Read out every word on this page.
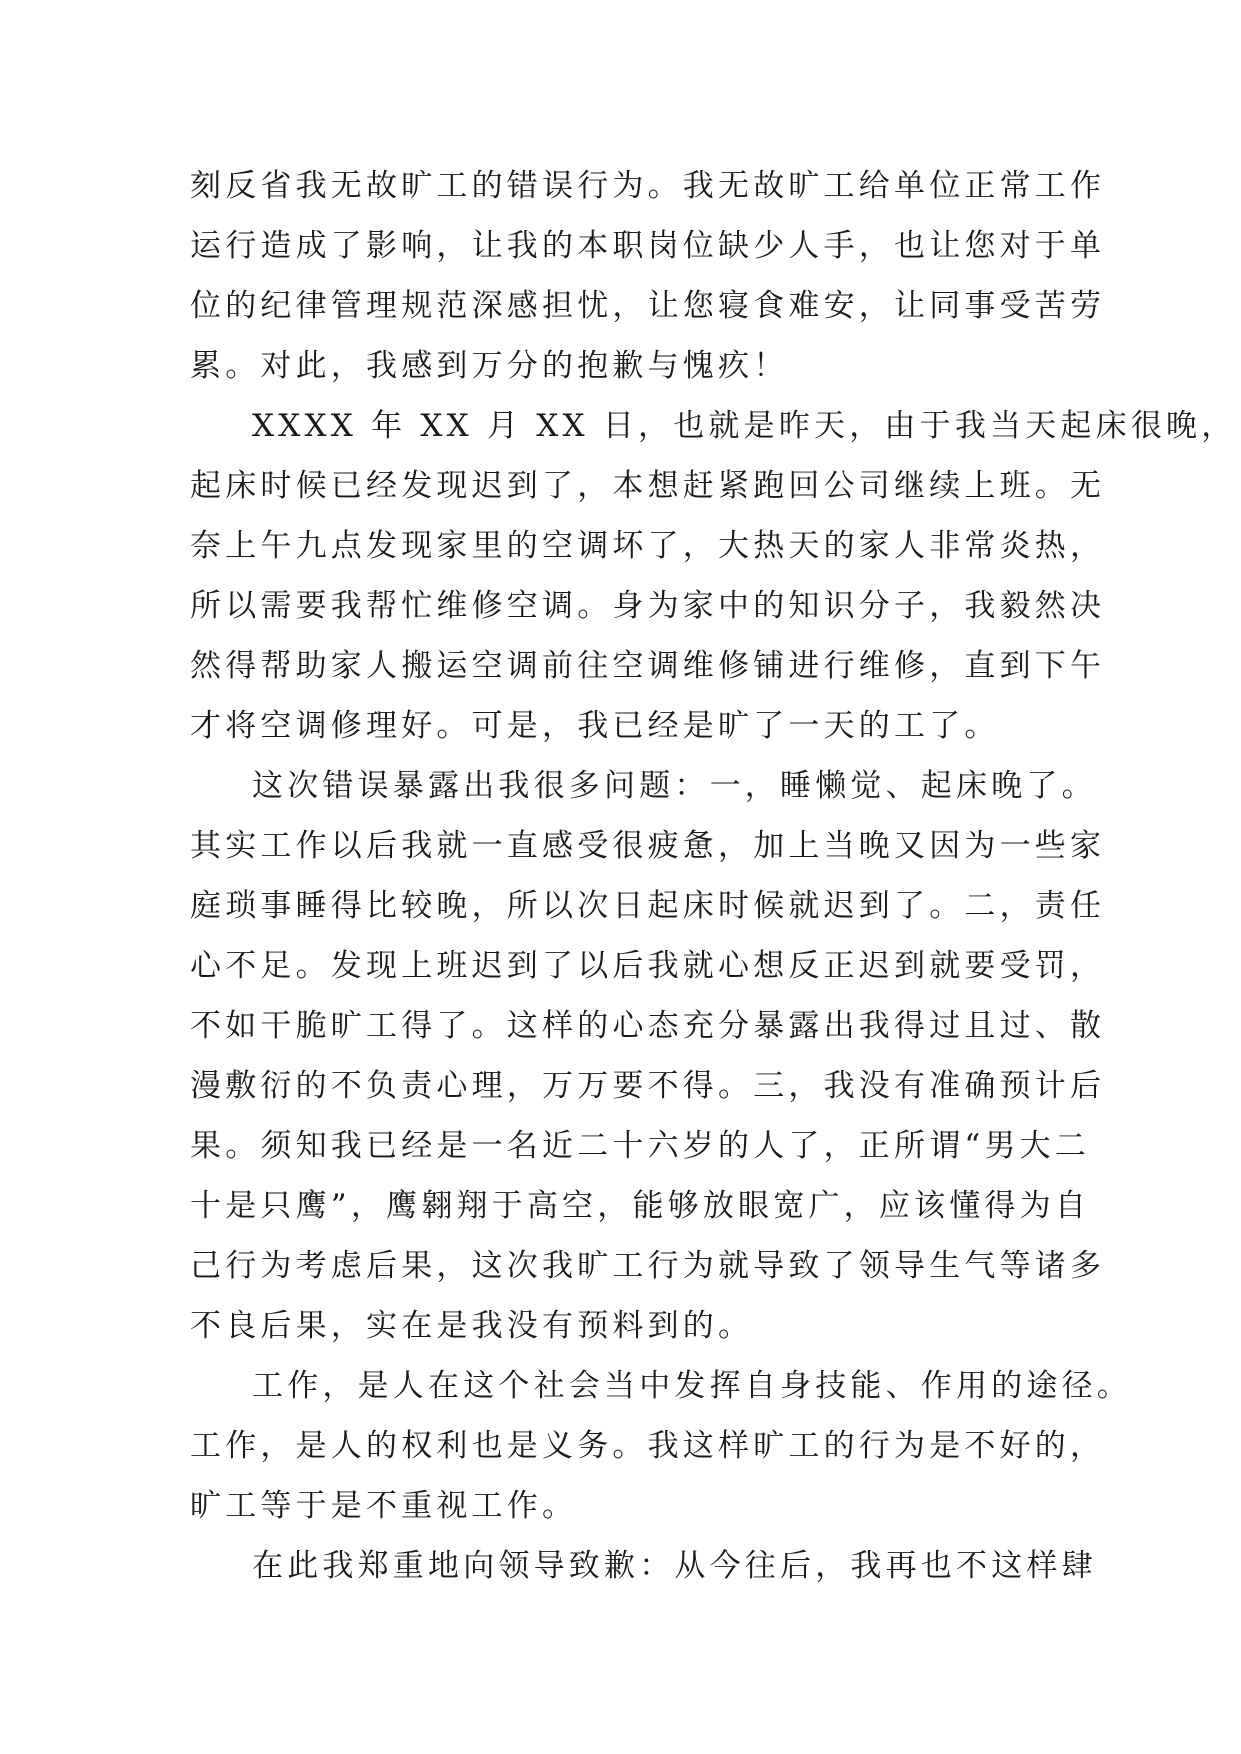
刻反省我无故旷工的错误行为。我无故旷工给单位正常工作
运行造成了影响，让我的本职岗位缺少人手，也让您对于单
位的纪律管理规范深感担忧，让您寝食难安，让同事受苦劳
累。对此，我感到万分的抱歉与愧疚！
XXXX 年 XX 月 XX 日，也就是昨天，由于我当天起床很晚，
起床时候已经发现迟到了，本想赶紧跑回公司继续上班。无
奈上午九点发现家里的空调坏了，大热天的家人非常炎热，
所以需要我帮忙维修空调。身为家中的知识分子，我毅然决
然得帮助家人搬运空调前往空调维修铺进行维修，直到下午
才将空调修理好。可是，我已经是旷了一天的工了。
这次错误暴露出我很多问题：一，睡懒觉、起床晚了。
其实工作以后我就一直感受很疲惫，加上当晚又因为一些家
庭琐事睡得比较晚，所以次日起床时候就迟到了。二，责任
心不足。发现上班迟到了以后我就心想反正迟到就要受罚，
不如干脆旷工得了。这样的心态充分暴露出我得过且过、散
漫敷衍的不负责心理，万万要不得。三，我没有准确预计后
果。须知我已经是一名近二十六岁的人了，正所谓“男大二
十是只鹰”，鹰翱翔于高空，能够放眼宽广，应该懂得为自
己行为考虑后果，这次我旷工行为就导致了领导生气等诸多
不良后果，实在是我没有预料到的。
工作，是人在这个社会当中发挥自身技能、作用的途径。
工作，是人的权利也是义务。我这样旷工的行为是不好的，
旷工等于是不重视工作。
在此我郑重地向领导致歉：从今往后，我再也不这样肆
